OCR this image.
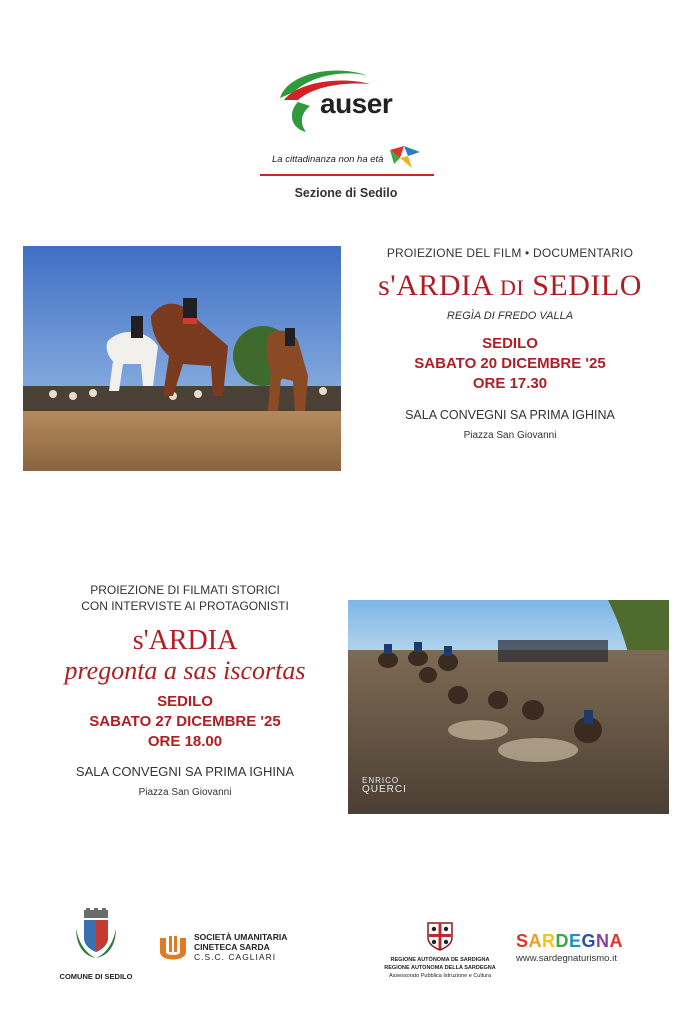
auser
La cittadinanza non ha età
Sezione di Sedilo
PROIEZIONE DEL FILM • DOCUMENTARIO
s'ARDIA DI SEDILO
REGÌA DI FREDO VALLA
SEDILO
SABATO 20 DICEMBRE '25
ORE 17.30
SALA CONVEGNI SA PRIMA IGHINA
Piazza San Giovanni
PROIEZIONE DI FILMATI STORICI
CON INTERVISTE AI PROTAGONISTI
s'ARDIA
pregonta a sas iscortas
SEDILO
SABATO 27 DICEMBRE '25
ORE 18.00
SALA CONVEGNI SA PRIMA IGHINA
Piazza San Giovanni
ENRICO
QUERCI
COMUNE DI SEDILO
SOCIETÀ UMANITARIA
CINETECA SARDA
C.S.C. CAGLIARI	REGIONE AUTÒNOMA DE SARDIGNA
REGIONE AUTONOMA DELLA SARDEGNA
Assessorato Pubblica Istruzione e Cultura
SARDEGNA
www.sardegnaturismo.it
